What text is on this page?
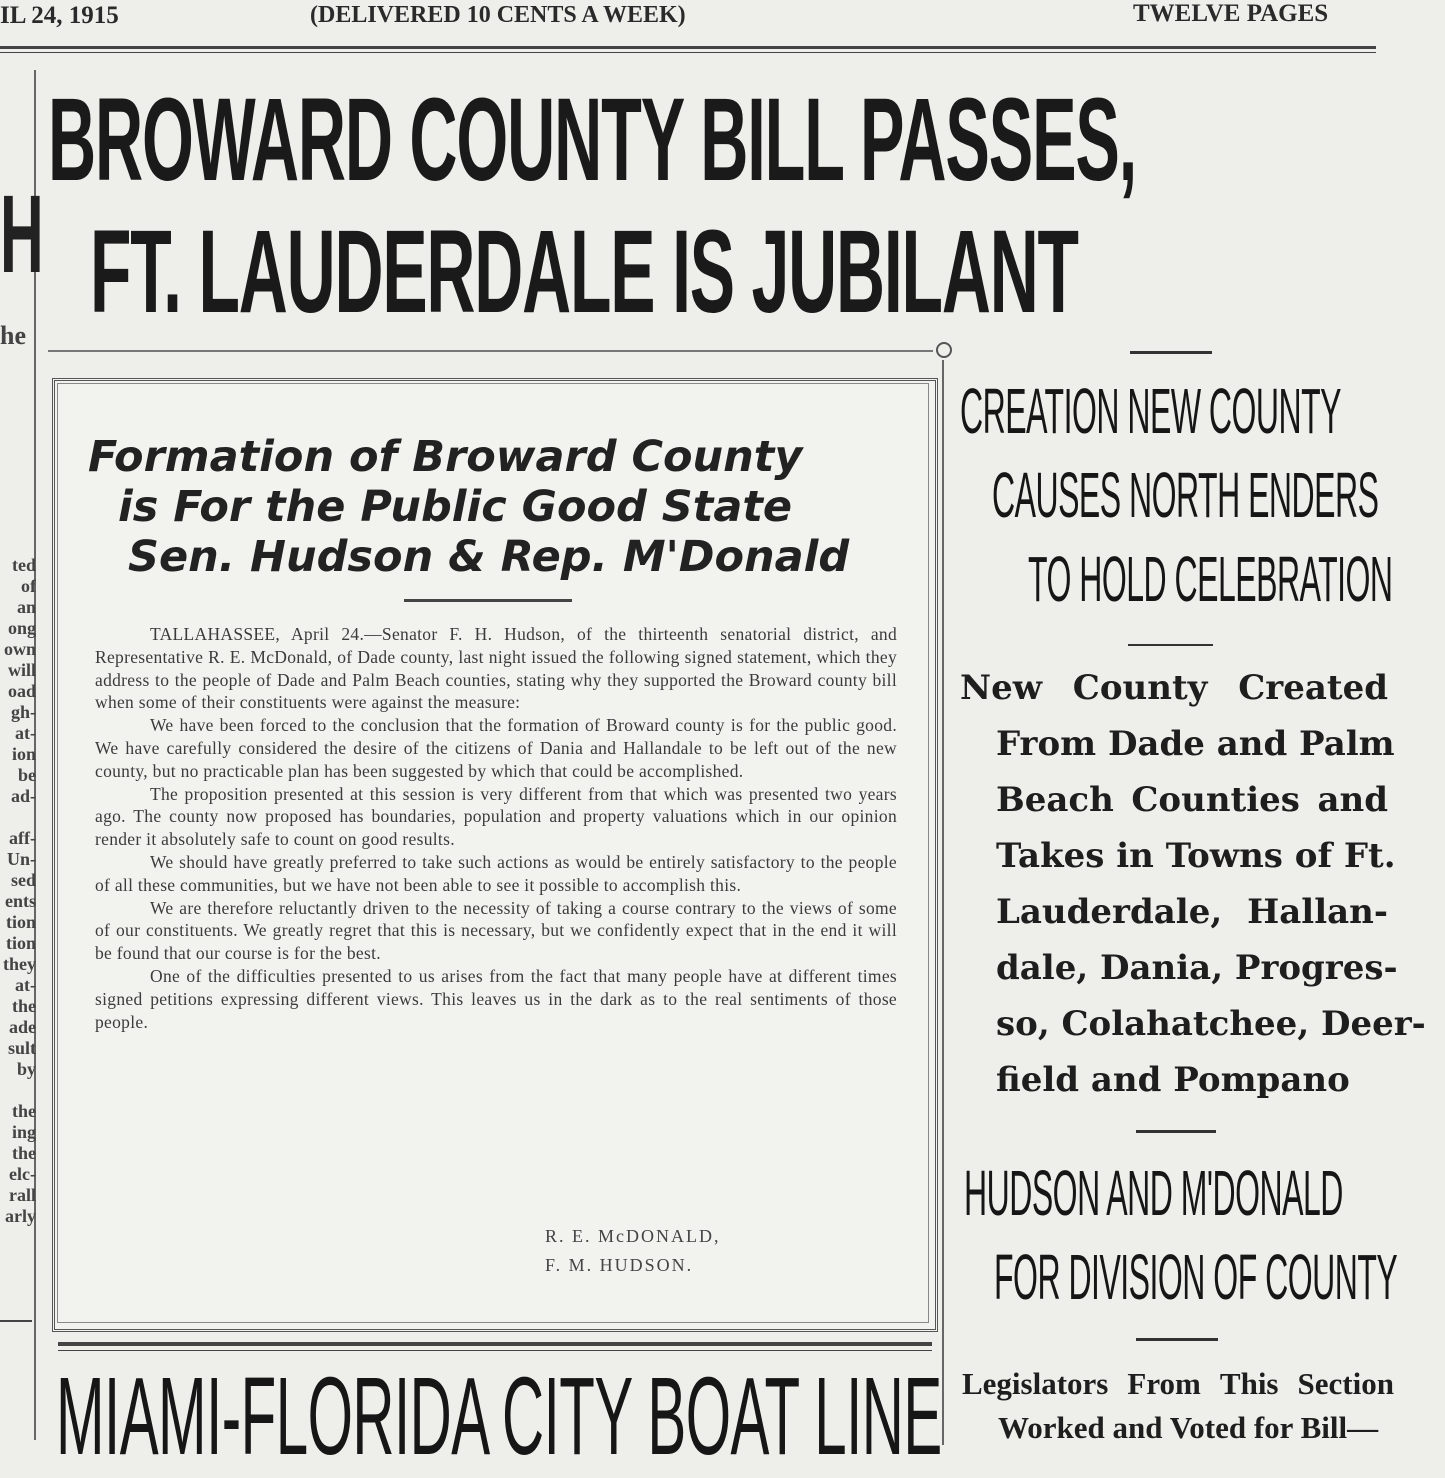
IL 24, 1915	(DELIVERED 10 CENTS A WEEK)	TWELVE PAGES
H
he
ted
of
an
ong
own
will
oad
gh-
at-
ion
be
ad-

aff-
Un-
sed
ents
tion
tion
they
at-
the
ade
sult
by

the
ing
the
elc-
rall
arly
BROWARD COUNTY BILL PASSES,
FT. LAUDERDALE IS JUBILANT
Formation of Broward County
is For the Public Good State
Sen. Hudson & Rep. M'Donald

TALLAHASSEE, April 24.—Senator F. H. Hudson, of the thirteenth senatorial district, and Representative R. E. McDonald, of Dade county, last night issued the following signed statement, which they address to the people of Dade and Palm Beach counties, stating why they supported the Broward county bill when some of their constituents were against the measure:

We have been forced to the conclusion that the formation of Broward county is for the public good. We have carefully considered the desire of the citizens of Dania and Hallandale to be left out of the new county, but no practicable plan has been suggested by which that could be accomplished.

The proposition presented at this session is very different from that which was presented two years ago. The county now proposed has boundaries, population and property valuations which in our opinion render it absolutely safe to count on good results.

We should have greatly preferred to take such actions as would be entirely satisfactory to the people of all these communities, but we have not been able to see it possible to accomplish this.

We are therefore reluctantly driven to the necessity of taking a course contrary to the views of some of our constituents. We greatly regret that this is necessary, but we confidently expect that in the end it will be found that our course is for the best.

One of the difficulties presented to us arises from the fact that many people have at different times signed petitions expressing different views. This leaves us in the dark as to the real sentiments of those people.

R. E. McDONALD,
F. M. HUDSON.
CREATION NEW COUNTY
CAUSES NORTH ENDERS
TO HOLD CELEBRATION
New County Created
From Dade and Palm
Beach Counties and
Takes in Towns of Ft.
Lauderdale, Hallan-
dale, Dania, Progres-
so, Colahatchee, Deer-
field and Pompano
HUDSON AND M'DONALD
FOR DIVISION OF COUNTY
Legislators From This Section
Worked and Voted for Bill—
MIAMI-FLORIDA CITY BOAT LINE
